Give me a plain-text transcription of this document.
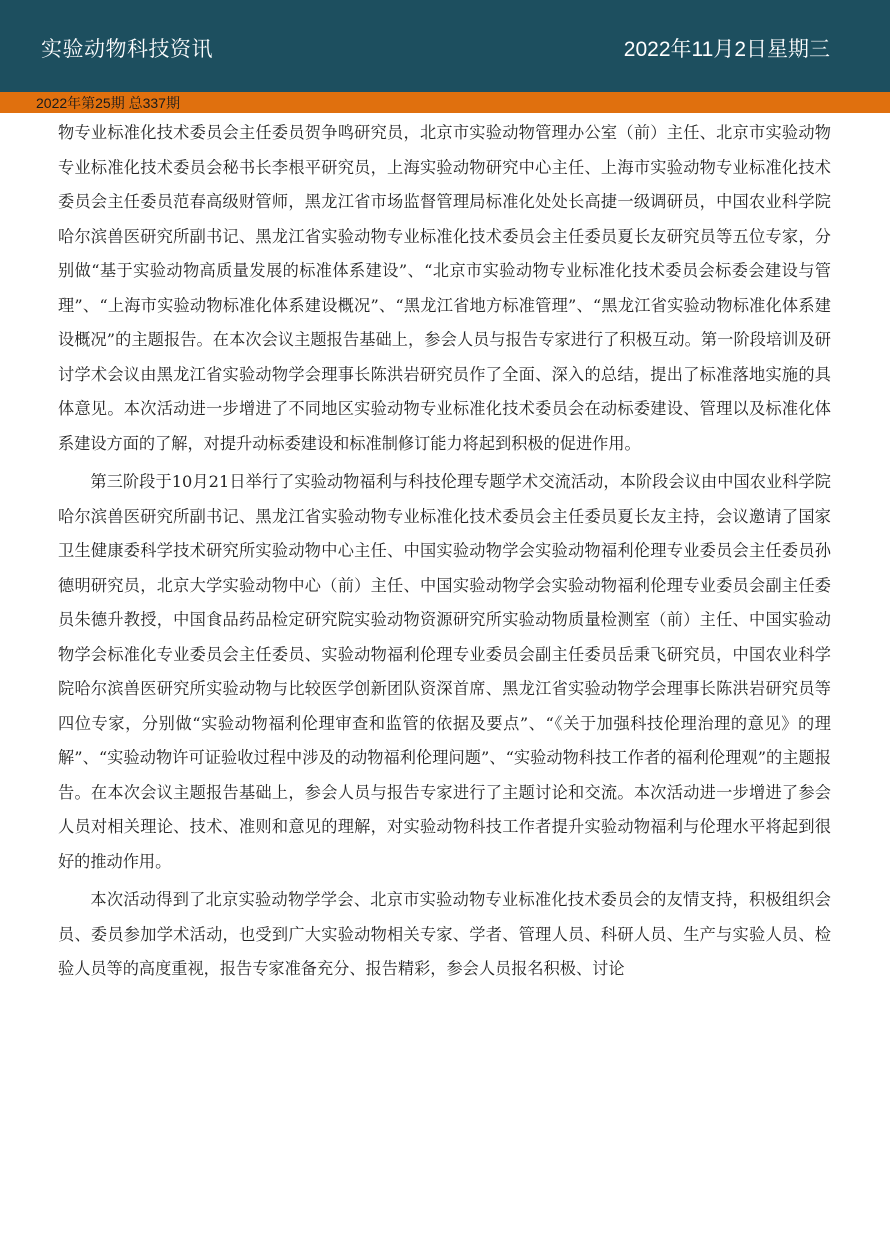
实验动物科技资讯	2022年11月2日星期三
2022年第25期 总337期

物专业标准化技术委员会主任委员贺争鸣研究员，北京市实验动物管理办公室（前）主任、北京市实验动物专业标准化技术委员会秘书长李根平研究员，上海实验动物研究中心主任、上海市实验动物专业标准化技术委员会主任委员范春高级财管师，黑龙江省市场监督管理局标准化处处长高捷一级调研员，中国农业科学院哈尔滨兽医研究所副书记、黑龙江省实验动物专业标准化技术委员会主任委员夏长友研究员等五位专家，分别做“基于实验动物高质量发展的标准体系建设”、“北京市实验动物专业标准化技术委员会标委会建设与管理”、“上海市实验动物标准化体系建设概况”、“黑龙江省地方标准管理”、“黑龙江省实验动物标准化体系建设概况”的主题报告。在本次会议主题报告基础上，参会人员与报告专家进行了积极互动。第一阶段培训及研讨学术会议由黑龙江省实验动物学会理事长陈洪岩研究员作了全面、深入的总结，提出了标准落地实施的具体意见。本次活动进一步增进了不同地区实验动物专业标准化技术委员会在动标委建设、管理以及标准化体系建设方面的了解，对提升动标委建设和标准制修订能力将起到积极的促进作用。

第三阶段于10月21日举行了实验动物福利与科技伦理专题学术交流活动，本阶段会议由中国农业科学院哈尔滨兽医研究所副书记、黑龙江省实验动物专业标准化技术委员会主任委员夏长友主持，会议邀请了国家卫生健康委科学技术研究所实验动物中心主任、中国实验动物学会实验动物福利伦理专业委员会主任委员孙德明研究员，北京大学实验动物中心（前）主任、中国实验动物学会实验动物福利伦理专业委员会副主任委员朱德升教授，中国食品药品检定研究院实验动物资源研究所实验动物质量检测室（前）主任、中国实验动物学会标准化专业委员会主任委员、实验动物福利伦理专业委员会副主任委员岳秉飞研究员，中国农业科学院哈尔滨兽医研究所实验动物与比较医学创新团队资深首席、黑龙江省实验动物学会理事长陈洪岩研究员等四位专家，分别做“实验动物福利伦理审查和监管的依据及要点”、“《关于加强科技伦理治理的意见》的理解”、“实验动物许可证验收过程中涉及的动物福利伦理问题”、“实验动物科技工作者的福利伦理观”的主题报告。在本次会议主题报告基础上，参会人员与报告专家进行了主题讨论和交流。本次活动进一步增进了参会人员对相关理论、技术、准则和意见的理解，对实验动物科技工作者提升实验动物福利与伦理水平将起到很好的推动作用。

本次活动得到了北京实验动物学学会、北京市实验动物专业标准化技术委员会的友情支持，积极组织会员、委员参加学术活动，也受到广大实验动物相关专家、学者、管理人员、科研人员、生产与实验人员、检验人员等的高度重视，报告专家准备充分、报告精彩，参会人员报名积极、讨论
